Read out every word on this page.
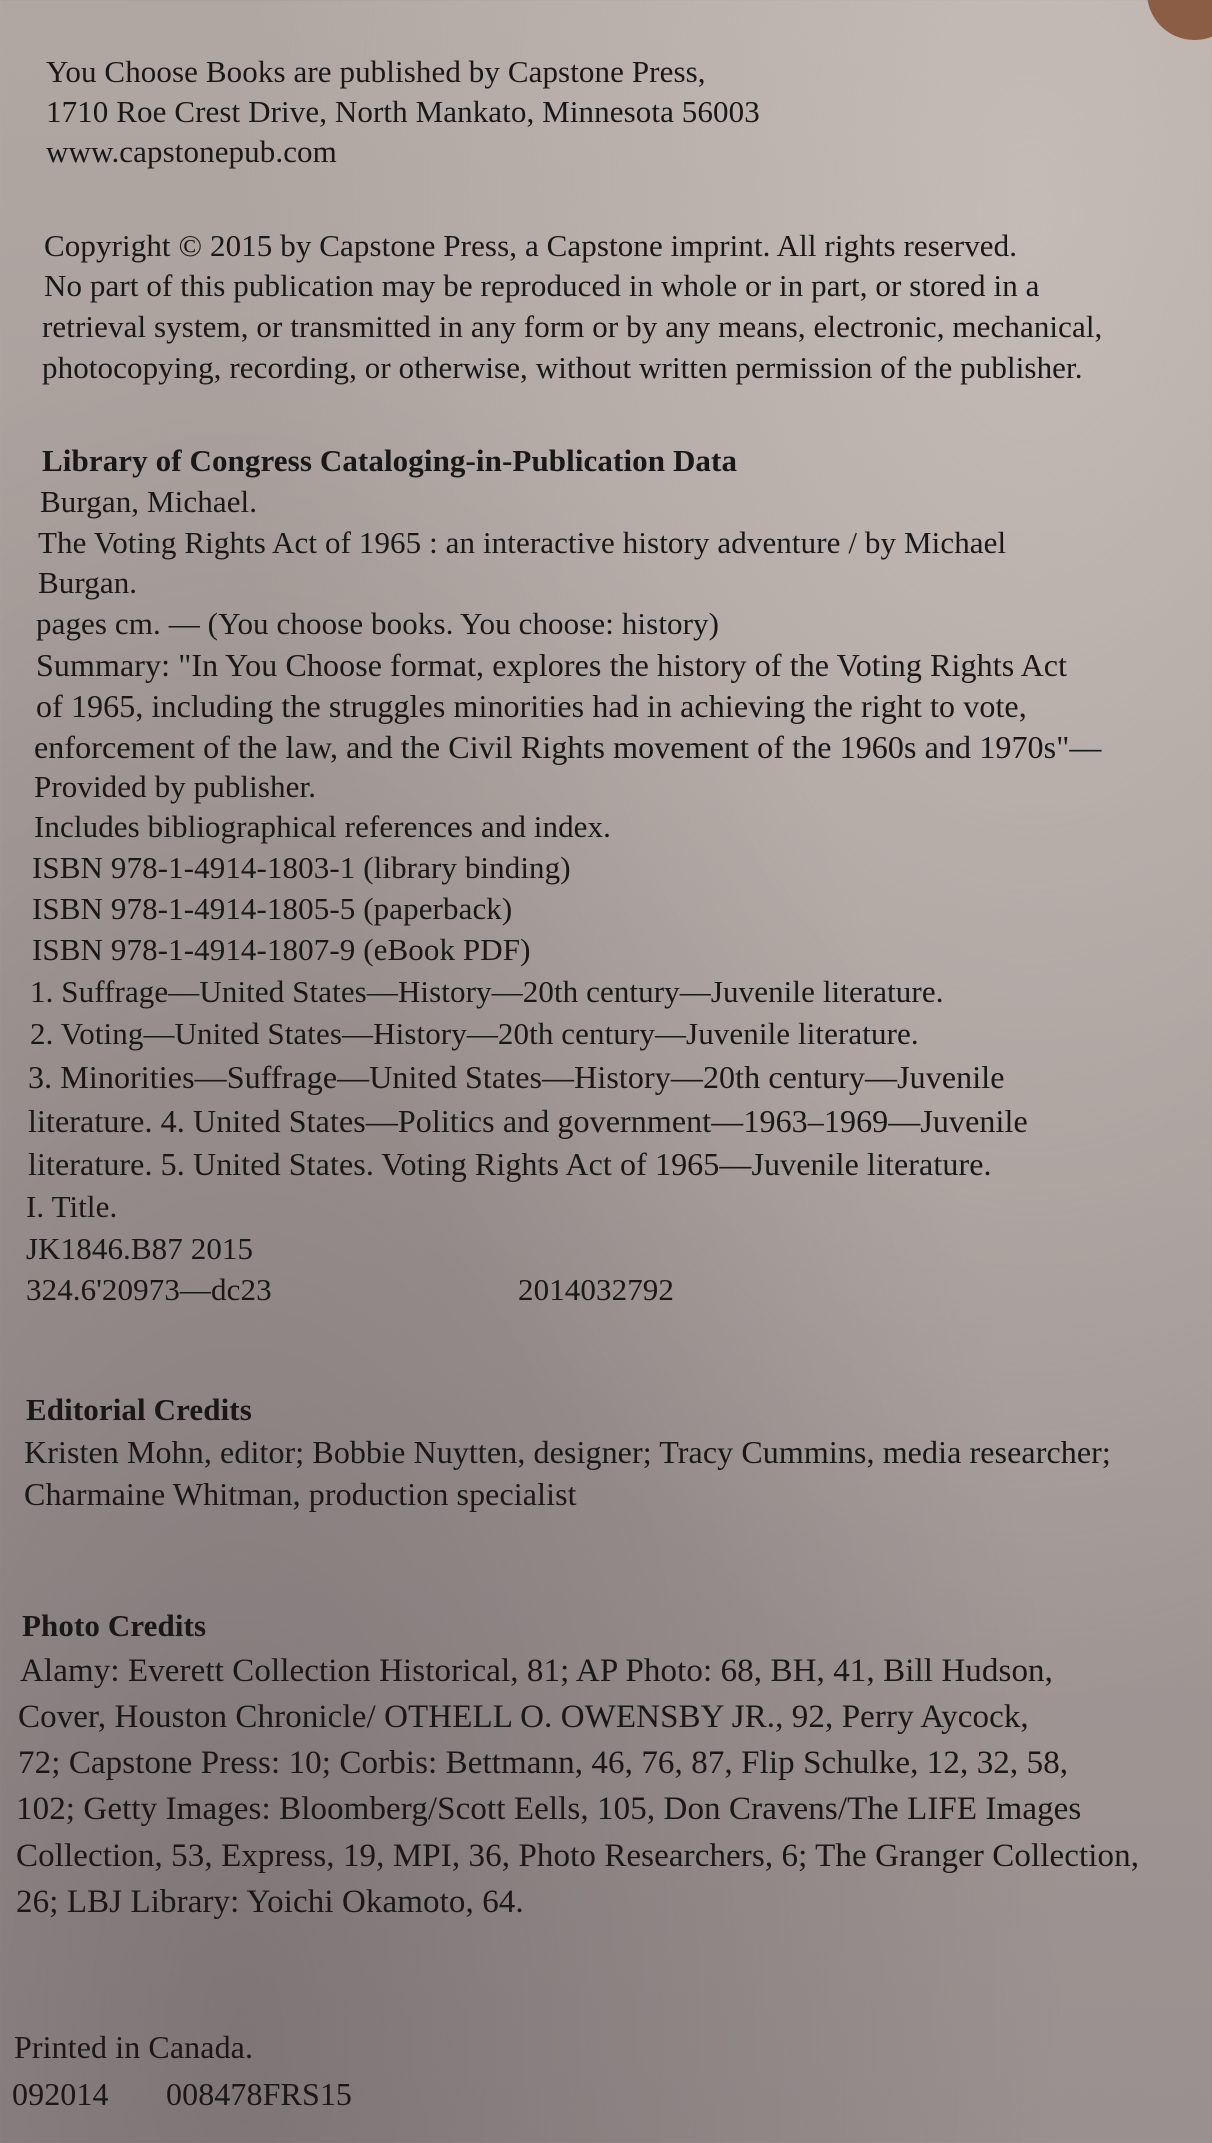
You Choose Books are published by Capstone Press,
1710 Roe Crest Drive, North Mankato, Minnesota 56003
www.capstonepub.com
Copyright © 2015 by Capstone Press, a Capstone imprint. All rights reserved.
No part of this publication may be reproduced in whole or in part, or stored in a
retrieval system, or transmitted in any form or by any means, electronic, mechanical,
photocopying, recording, or otherwise, without written permission of the publisher.
Library of Congress Cataloging-in-Publication Data
Burgan, Michael.
The Voting Rights Act of 1965 : an interactive history adventure / by Michael
Burgan.
pages cm. — (You choose books. You choose: history)
Summary: "In You Choose format, explores the history of the Voting Rights Act
of 1965, including the struggles minorities had in achieving the right to vote,
enforcement of the law, and the Civil Rights movement of the 1960s and 1970s"—
Provided by publisher.
Includes bibliographical references and index.
ISBN 978-1-4914-1803-1 (library binding)
ISBN 978-1-4914-1805-5 (paperback)
ISBN 978-1-4914-1807-9 (eBook PDF)
1. Suffrage—United States—History—20th century—Juvenile literature.
2. Voting—United States—History—20th century—Juvenile literature.
3. Minorities—Suffrage—United States—History—20th century—Juvenile
literature. 4. United States—Politics and government—1963–1969—Juvenile
literature. 5. United States. Voting Rights Act of 1965—Juvenile literature.
I. Title.
JK1846.B87 2015
324.6'20973—dc23	2014032792
Editorial Credits
Kristen Mohn, editor; Bobbie Nuytten, designer; Tracy Cummins, media researcher;
Charmaine Whitman, production specialist
Photo Credits
Alamy: Everett Collection Historical, 81; AP Photo: 68, BH, 41, Bill Hudson,
Cover, Houston Chronicle/ OTHELL O. OWENSBY JR., 92, Perry Aycock,
72; Capstone Press: 10; Corbis: Bettmann, 46, 76, 87, Flip Schulke, 12, 32, 58,
102; Getty Images: Bloomberg/Scott Eells, 105, Don Cravens/The LIFE Images
Collection, 53, Express, 19, MPI, 36, Photo Researchers, 6; The Granger Collection,
26; LBJ Library: Yoichi Okamoto, 64.
Printed in Canada.
092014 008478FRS15
